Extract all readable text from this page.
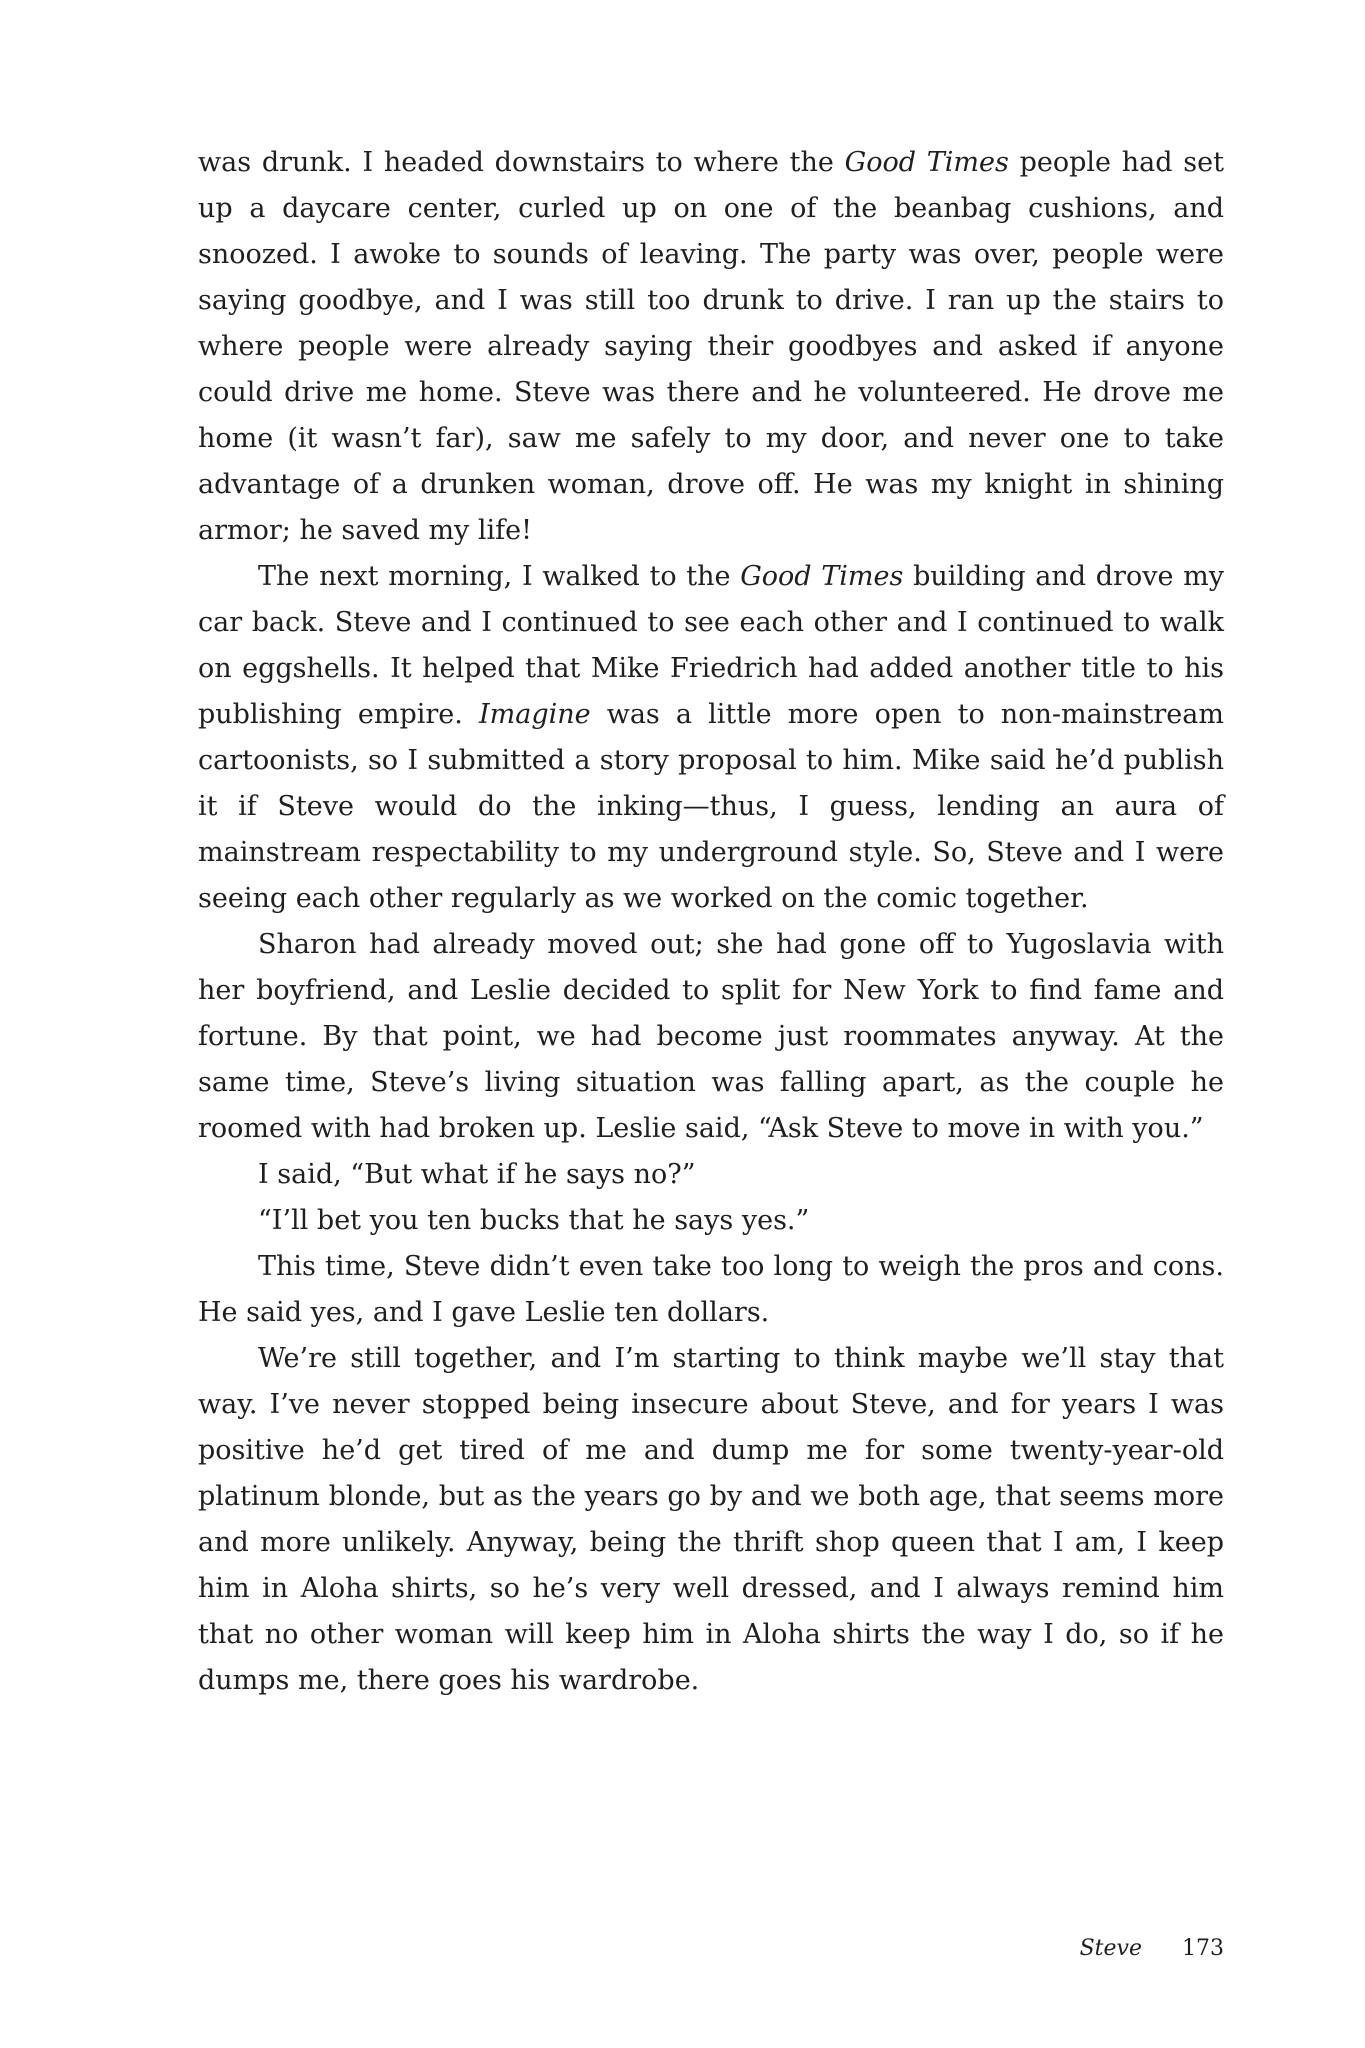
was drunk. I headed downstairs to where the Good Times people had set up a daycare center, curled up on one of the beanbag cushions, and snoozed. I awoke to sounds of leaving. The party was over, people were saying goodbye, and I was still too drunk to drive. I ran up the stairs to where people were already saying their goodbyes and asked if anyone could drive me home. Steve was there and he volunteered. He drove me home (it wasn’t far), saw me safely to my door, and never one to take advantage of a drunken woman, drove off. He was my knight in shining armor; he saved my life!

The next morning, I walked to the Good Times building and drove my car back. Steve and I continued to see each other and I continued to walk on eggshells. It helped that Mike Friedrich had added another title to his publishing empire. Imagine was a little more open to non-mainstream cartoonists, so I submitted a story proposal to him. Mike said he’d publish it if Steve would do the inking—thus, I guess, lending an aura of mainstream respectability to my underground style. So, Steve and I were seeing each other regularly as we worked on the comic together.

Sharon had already moved out; she had gone off to Yugoslavia with her boyfriend, and Leslie decided to split for New York to find fame and fortune. By that point, we had become just roommates anyway. At the same time, Steve’s living situation was falling apart, as the couple he roomed with had broken up. Leslie said, “Ask Steve to move in with you.”

I said, “But what if he says no?”

“I’ll bet you ten bucks that he says yes.”

This time, Steve didn’t even take too long to weigh the pros and cons. He said yes, and I gave Leslie ten dollars.

We’re still together, and I’m starting to think maybe we’ll stay that way. I’ve never stopped being insecure about Steve, and for years I was positive he’d get tired of me and dump me for some twenty-year-old platinum blonde, but as the years go by and we both age, that seems more and more unlikely. Anyway, being the thrift shop queen that I am, I keep him in Aloha shirts, so he’s very well dressed, and I always remind him that no other woman will keep him in Aloha shirts the way I do, so if he dumps me, there goes his wardrobe.

Steve 173
